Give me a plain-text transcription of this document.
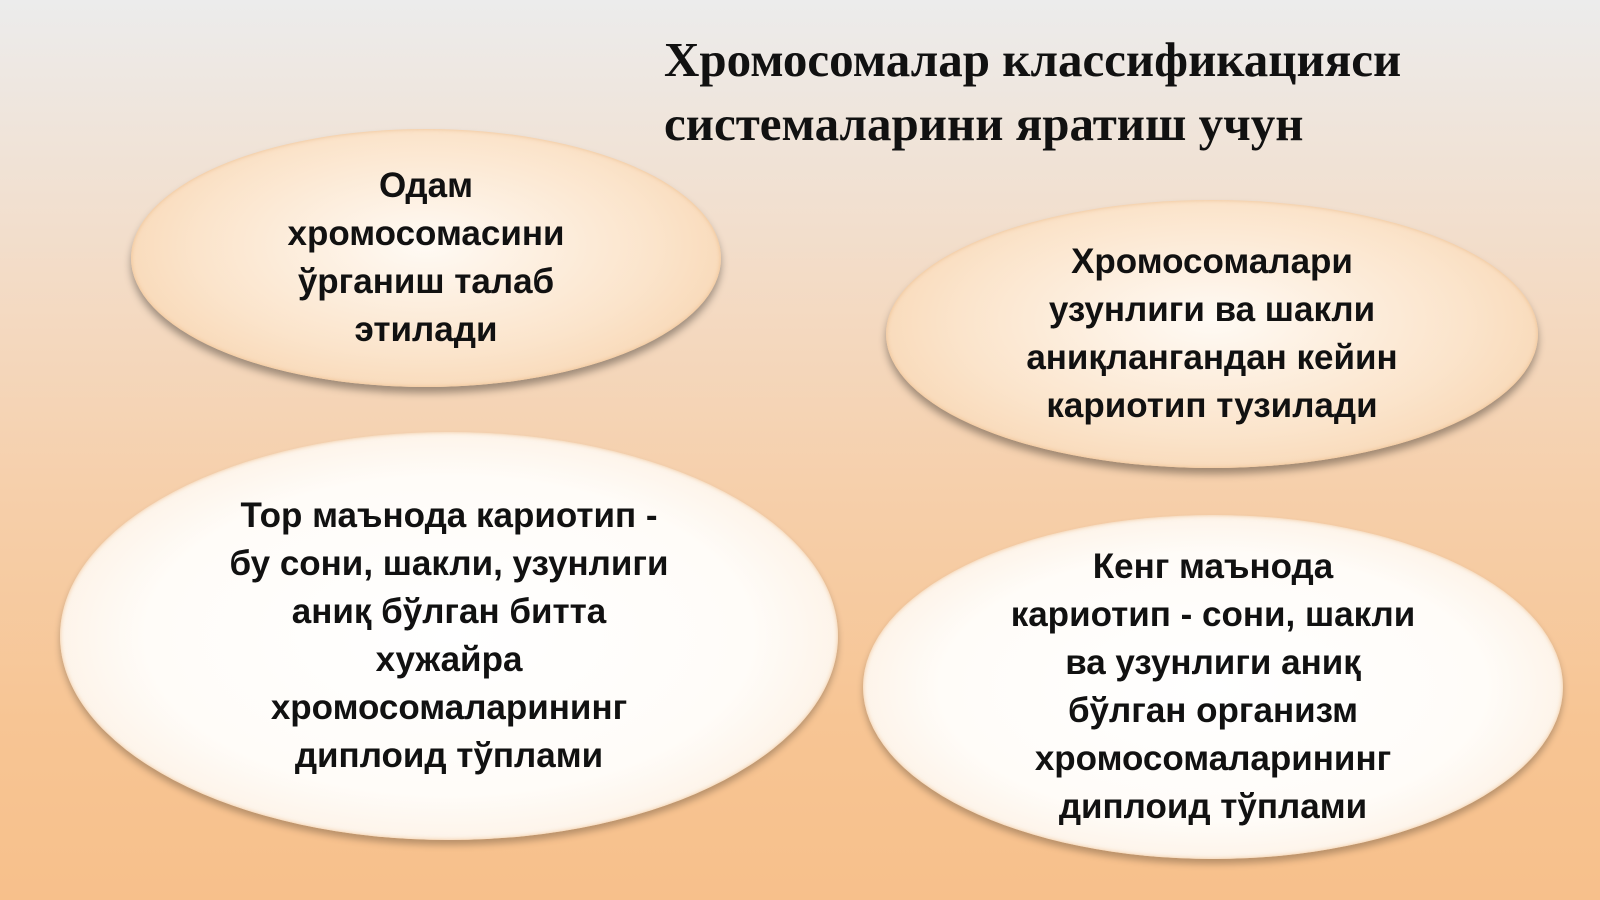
Хромосомалар классификацияси
системаларини яратиш учун

Одам
хромосомасини
ўрганиш талаб
этилади

Хромосомалари
узунлиги ва шакли
аниқлангандан кейин
кариотип тузилади

Тор маънода кариотип -
бу сони, шакли, узунлиги
аниқ бўлган битта
хужайра
хромосомаларининг
диплоид тўплами

Кенг маънода
кариотип - сони, шакли
ва узунлиги аниқ
бўлган организм
хромосомаларининг
диплоид тўплами
